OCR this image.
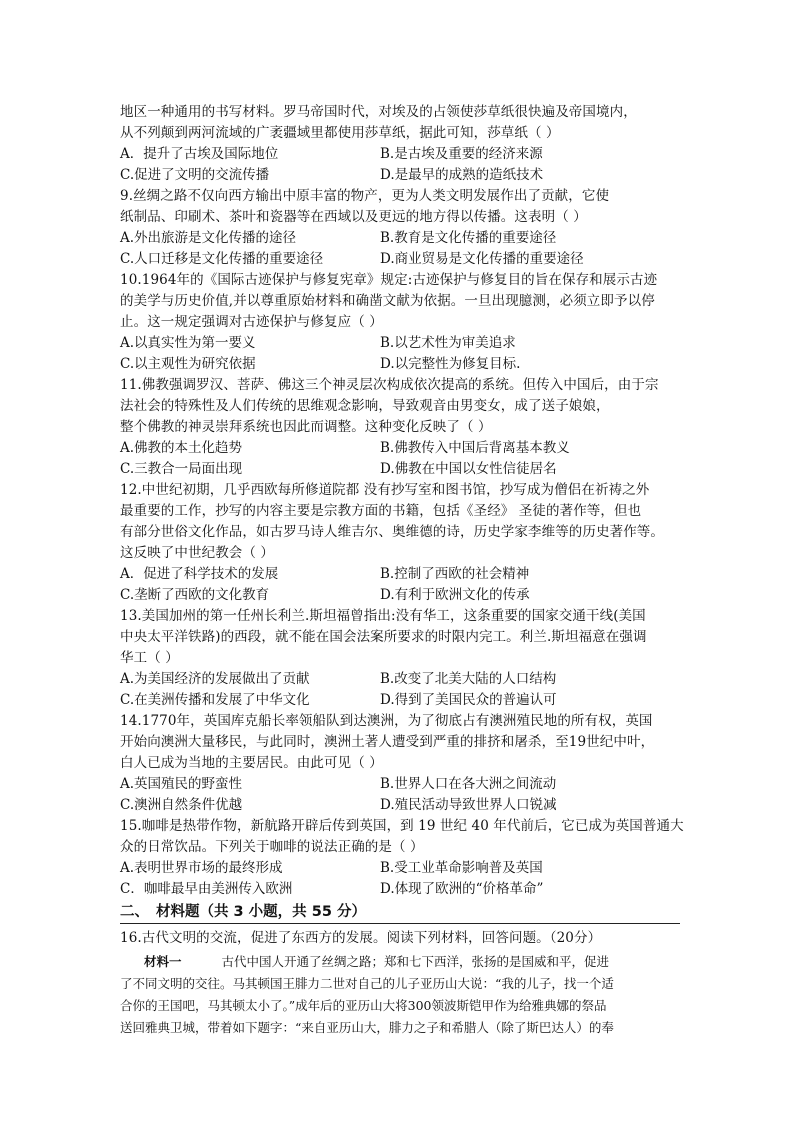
地区一种通用的书写材料。罗马帝国时代，对埃及的占领使莎草纸很快遍及帝国境内，
从不列颠到两河流域的广袤疆域里都使用莎草纸，据此可知，莎草纸（ ）
A．提升了古埃及国际地位	B.是古埃及重要的经济来源
C.促进了文明的交流传播	D.是最早的成熟的造纸技术
9.丝绸之路不仅向西方输出中原丰富的物产，更为人类文明发展作出了贡献，它使
纸制品、印刷术、茶叶和瓷器等在西域以及更远的地方得以传播。这表明（ ）
A.外出旅游是文化传播的途径	B.教育是文化传播的重要途径
C.人口迁移是文化传播的重要途径	D.商业贸易是文化传播的重要途径
10.1964年的《国际古迹保护与修复宪章》规定:古迹保护与修复目的旨在保存和展示古迹
的美学与历史价值,并以尊重原始材料和确凿文献为依据。一旦出现臆测，必须立即予以停
止。这一规定强调对古迹保护与修复应（ ）
A.以真实性为第一要义	B.以艺术性为审美追求
C.以主观性为研究依据	D.以完整性为修复目标.
11.佛教强调罗汉、菩萨、佛这三个神灵层次构成依次提高的系统。但传入中国后，由于宗
法社会的特殊性及人们传统的思维观念影响，导致观音由男变女，成了送子娘娘，
整个佛教的神灵崇拜系统也因此而调整。这种变化反映了（ ）
A.佛教的本土化趋势	B.佛教传入中国后背离基本教义
C.三教合一局面出现	D.佛教在中国以女性信徒居名
12.中世纪初期，几乎西欧每所修道院都 没有抄写室和图书馆，抄写成为僧侣在祈祷之外
最重要的工作，抄写的内容主要是宗教方面的书籍，包括《圣经》 圣徒的著作等，但也
有部分世俗文化作品，如古罗马诗人维吉尔、奥维德的诗，历史学家李维等的历史著作等。
这反映了中世纪教会（ ）
A．促进了科学技术的发展	B.控制了西欧的社会精神
C.垄断了西欧的文化教育	D.有利于欧洲文化的传承
13.美国加州的第一任州长利兰.斯坦福曾指出:没有华工，这条重要的国家交通干线(美国
中央太平洋铁路)的西段，就不能在国会法案所要求的时限内完工。利兰.斯坦福意在强调
华工（ ）
A.为美国经济的发展做出了贡献	B.改变了北美大陆的人口结构
C.在美洲传播和发展了中华文化	D.得到了美国民众的普遍认可
14.1770年，英国库克船长率领船队到达澳洲，为了彻底占有澳洲殖民地的所有权，英国
开始向澳洲大量移民，与此同时，澳洲土著人遭受到严重的排挤和屠杀，至19世纪中叶，
白人已成为当地的主要居民。由此可见（ ）
A.英国殖民的野蛮性	B.世界人口在各大洲之间流动
C.澳洲自然条件优越	D.殖民活动导致世界人口锐减
15.咖啡是热带作物，新航路开辟后传到英国，到 19 世纪 40 年代前后，它已成为英国普通大
众的日常饮品。下列关于咖啡的说法正确的是（ ）
A.表明世界市场的最终形成	B.受工业革命影响普及英国
C．咖啡最早由美洲传入欧洲	D.体现了欧洲的“价格革命”
二、 材料题（共 3 小题，共 55 分）
16.古代文明的交流，促进了东西方的发展。阅读下列材料，回答问题。（20分）
材料一	古代中国人开通了丝绸之路；郑和七下西洋，张扬的是国威和平，促进
了不同文明的交往。马其顿国王腓力二世对自己的儿子亚历山大说：“我的儿子，找一个适
合你的王国吧，马其顿太小了。”成年后的亚历山大将300领波斯铠甲作为给雅典娜的祭品
送回雅典卫城，带着如下题字：“来自亚历山大，腓力之子和希腊人（除了斯巴达人）的奉
